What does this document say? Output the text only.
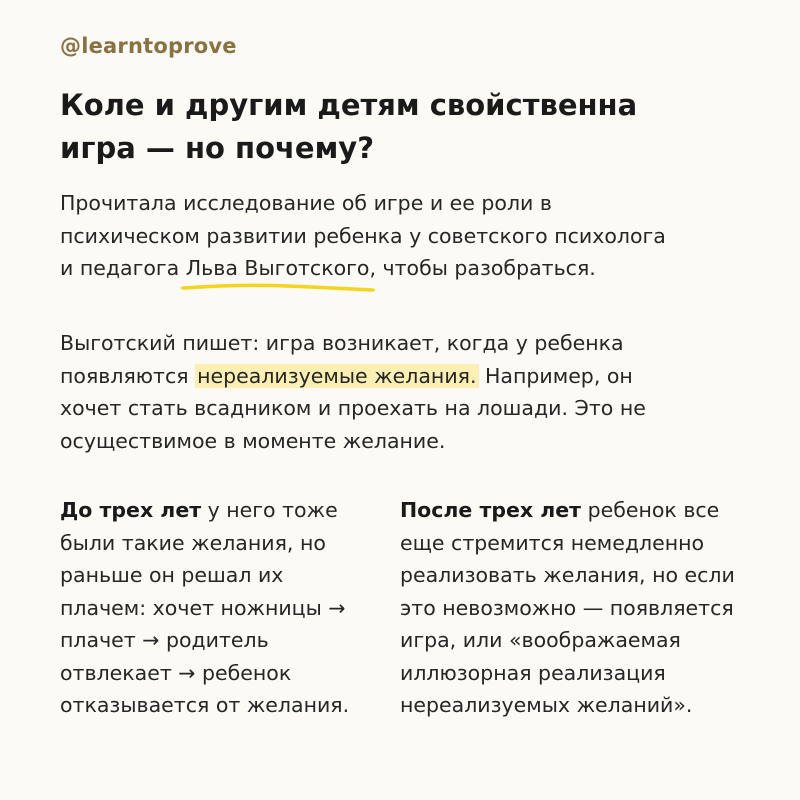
@learntoprove
Коле и другим детям свойственна
игра — но почему?

Прочитала исследование об игре и ее роли в
психическом развитии ребенка у советского психолога
и педагога Льва Выготского
, чтобы разобраться.

Выготский пишет: игра возникает, когда у ребенка
появляются нереализуемые желания. Например, он
хочет стать всадником и проехать на лошади. Это не
осуществимое в моменте желание.

До трех лет у него тоже
были такие желания, но
раньше он решал их
плачем: хочет ножницы →
плачет → родитель
отвлекает → ребенок
отказывается от желания.

После трех лет ребенок все
еще стремится немедленно
реализовать желания, но если
это невозможно — появляется
игра, или «воображаемая
иллюзорная реализация
нереализуемых желаний».
